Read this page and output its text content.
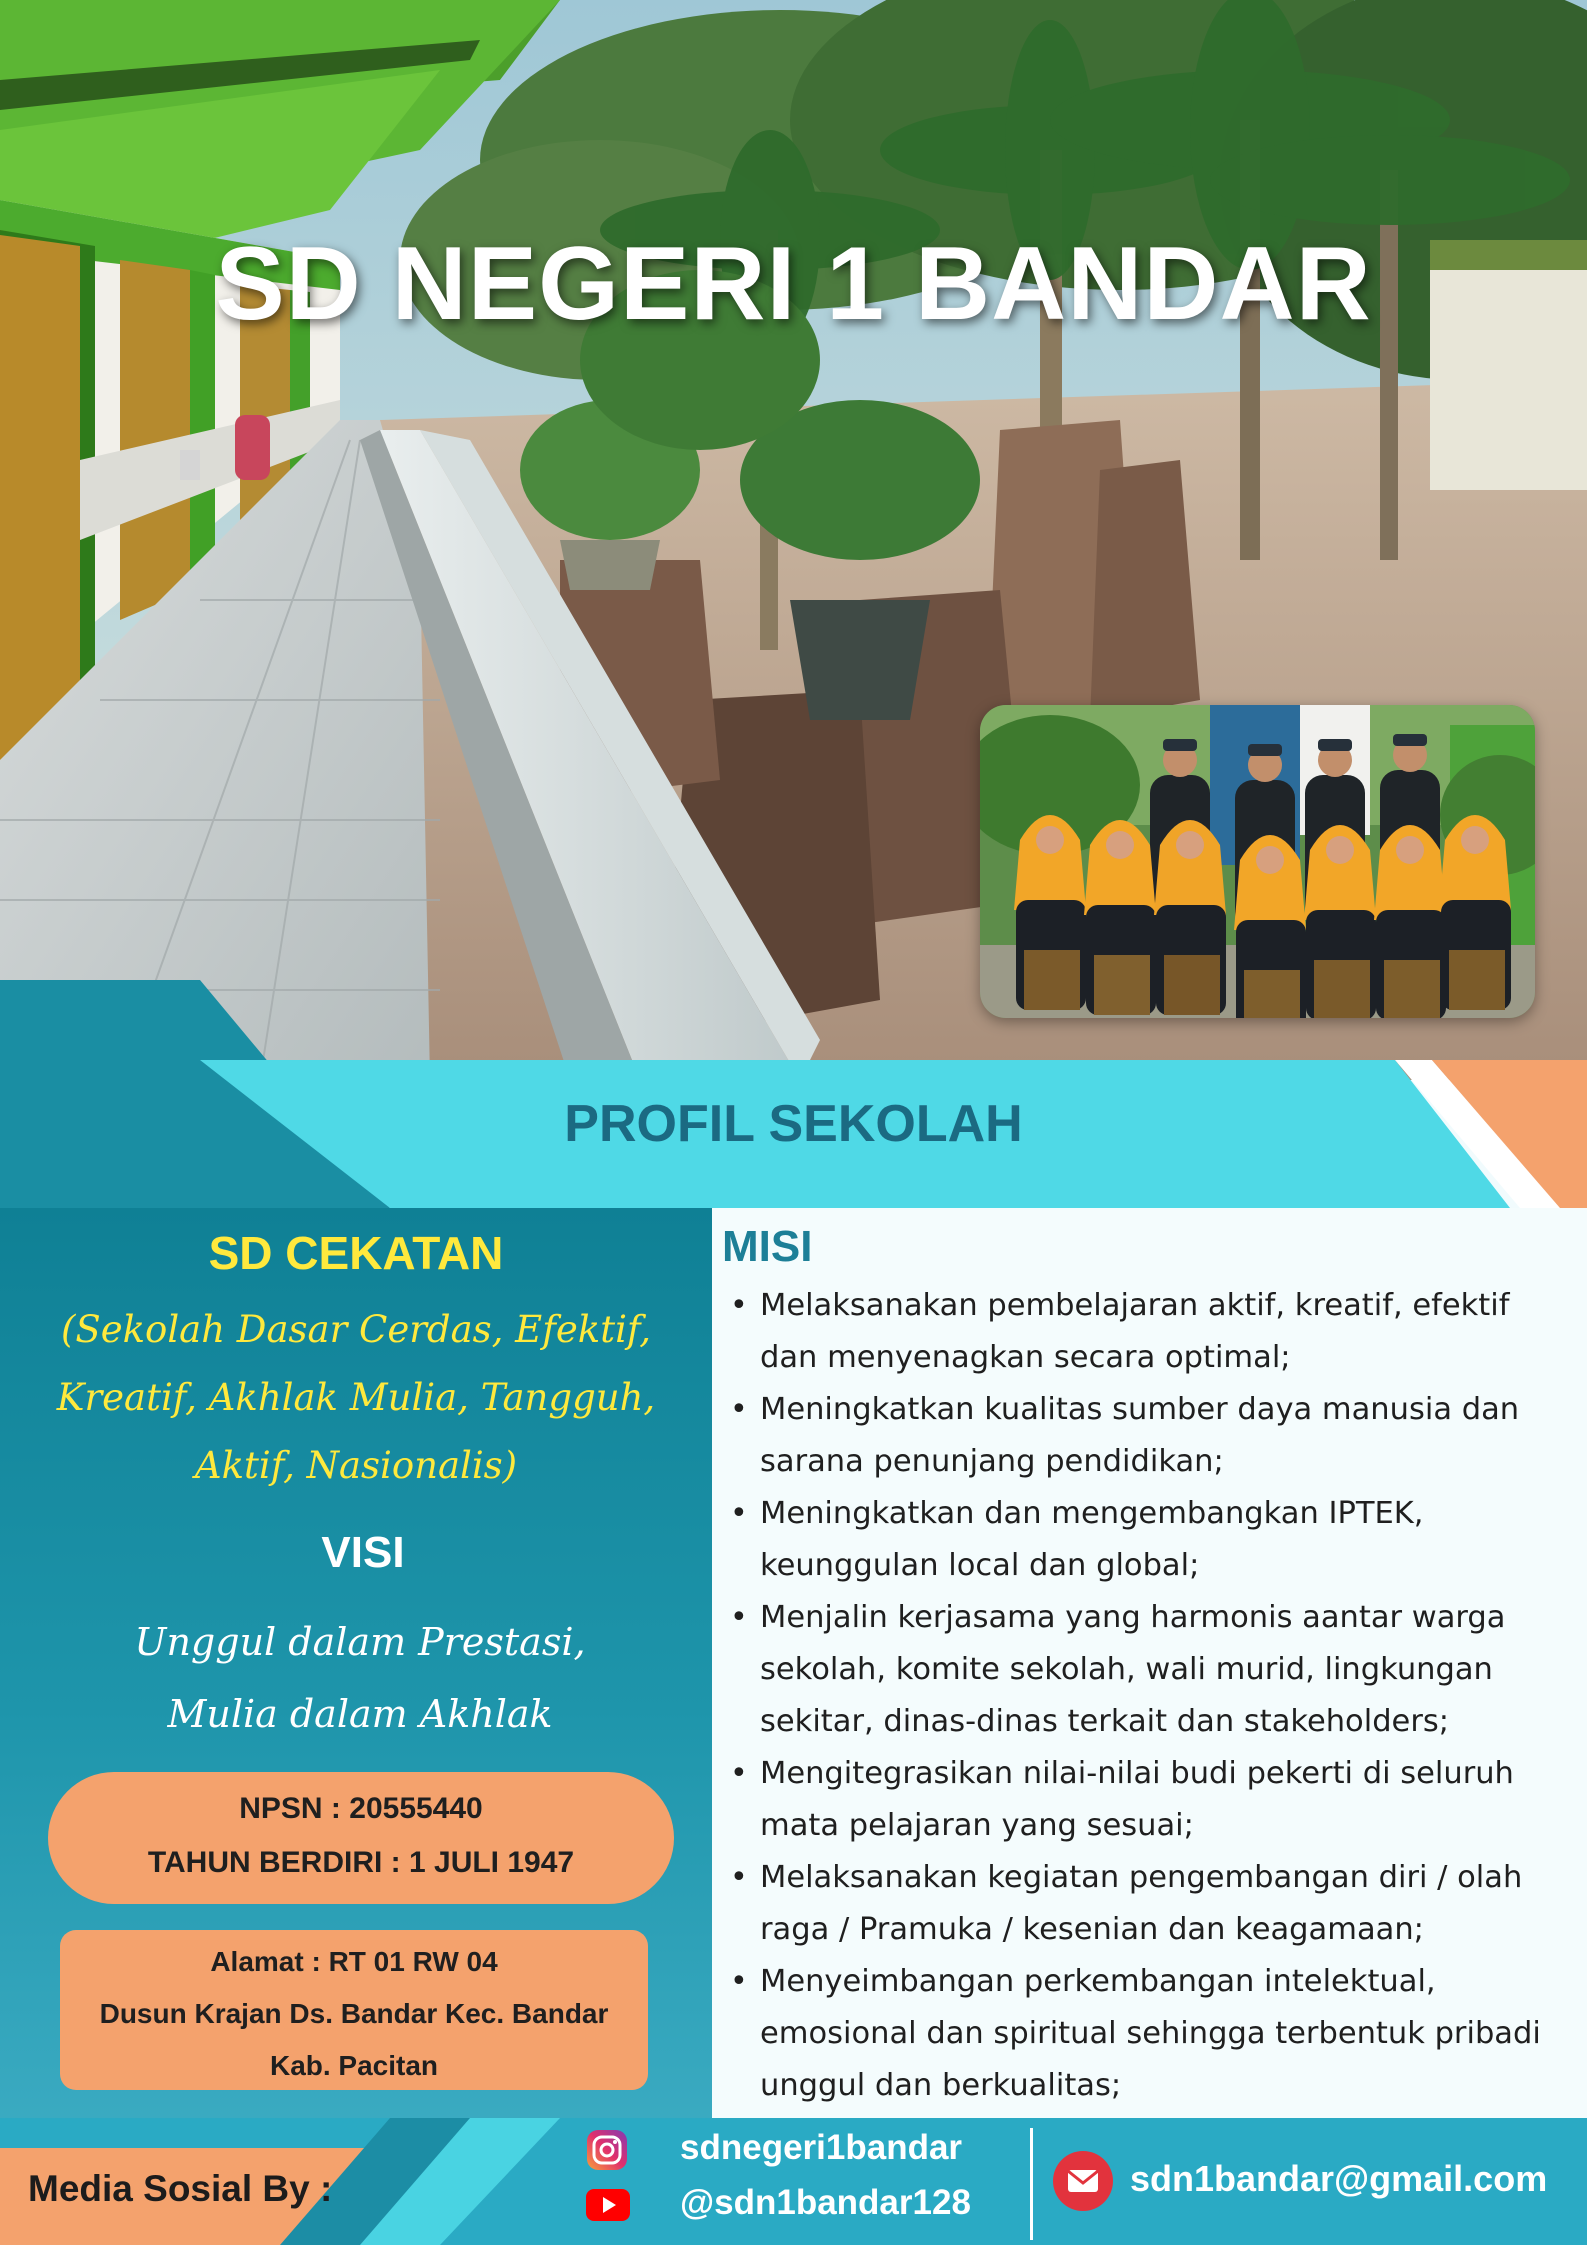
SD NEGERI 1 BANDAR
PROFIL SEKOLAH
SD CEKATAN
(Sekolah Dasar Cerdas, Efektif,
Kreatif, Akhlak Mulia, Tangguh,
Aktif, Nasionalis)
VISI
Unggul dalam Prestasi,
Mulia dalam Akhlak
NPSN : 20555440
TAHUN BERDIRI : 1 JULI 1947
Alamat : RT 01 RW 04
Dusun Krajan Ds. Bandar Kec. Bandar
Kab. Pacitan
MISI
• Melaksanakan pembelajaran aktif, kreatif, efektif
dan menyenagkan secara optimal;
• Meningkatkan kualitas sumber daya manusia dan
sarana penunjang pendidikan;
• Meningkatkan dan mengembangkan IPTEK,
keunggulan local dan global;
• Menjalin kerjasama yang harmonis aantar warga
sekolah, komite sekolah, wali murid, lingkungan
sekitar, dinas-dinas terkait dan stakeholders;
• Mengitegrasikan nilai-nilai budi pekerti di seluruh
mata pelajaran yang sesuai;
• Melaksanakan kegiatan pengembangan diri / olah
raga / Pramuka / kesenian dan keagamaan;
• Menyeimbangan perkembangan intelektual,
emosional dan spiritual sehingga terbentuk pribadi
unggul dan berkualitas;
Media Sosial By :
sdnegeri1bandar
@sdn1bandar128
sdn1bandar@gmail.com
